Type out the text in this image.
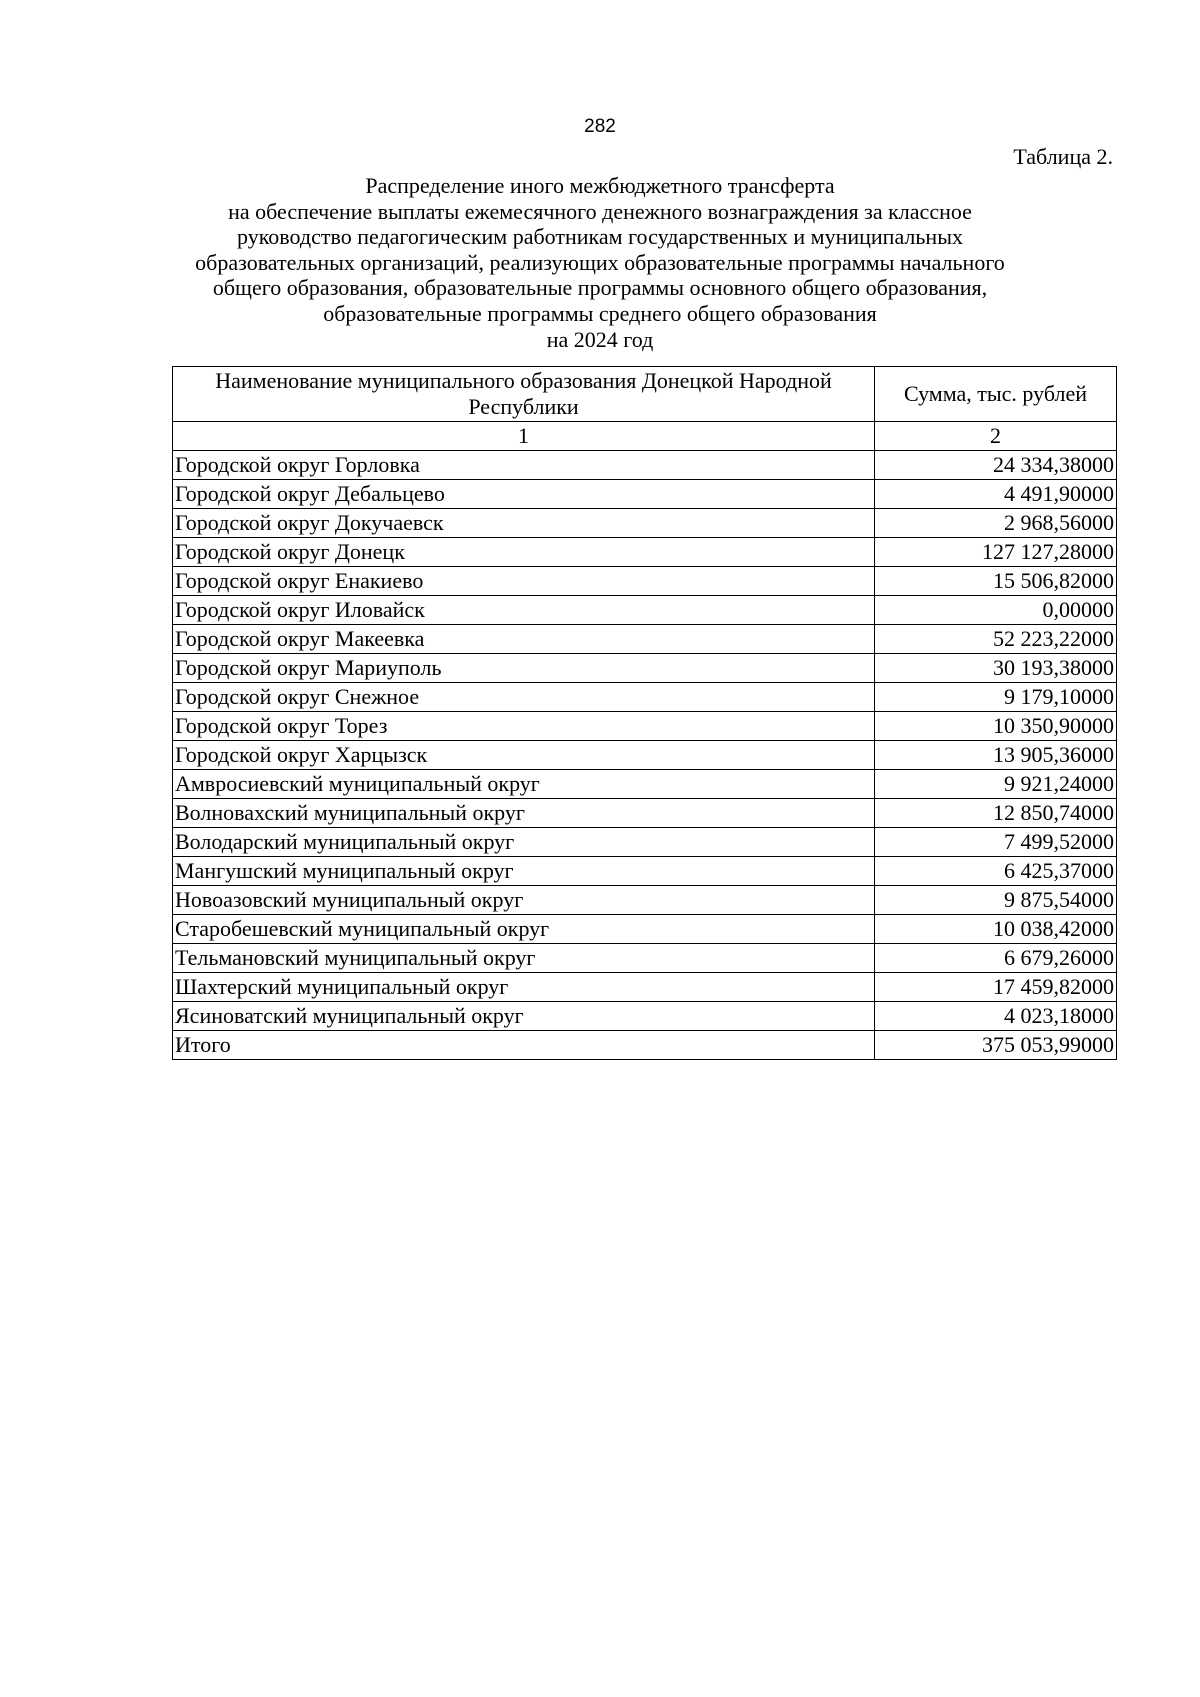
282
Таблица 2.
Распределение иного межбюджетного трансферта
на обеспечение выплаты ежемесячного денежного вознаграждения за классное
руководство педагогическим работникам государственных и муниципальных
образовательных организаций, реализующих образовательные программы начального
общего образования, образовательные программы основного общего образования,
образовательные программы среднего общего образования
на 2024 год
Наименование муниципального образования Донецкой Народной Республики	Сумма, тыс. рублей
1	2
Городской округ Горловка	24 334,38000
Городской округ Дебальцево	4 491,90000
Городской округ Докучаевск	2 968,56000
Городской округ Донецк	127 127,28000
Городской округ Енакиево	15 506,82000
Городской округ Иловайск	0,00000
Городской округ Макеевка	52 223,22000
Городской округ Мариуполь	30 193,38000
Городской округ Снежное	9 179,10000
Городской округ Торез	10 350,90000
Городской округ Харцызск	13 905,36000
Амвросиевский муниципальный округ	9 921,24000
Волновахский муниципальный округ	12 850,74000
Володарский муниципальный округ	7 499,52000
Мангушский муниципальный округ	6 425,37000
Новоазовский муниципальный округ	9 875,54000
Старобешевский муниципальный округ	10 038,42000
Тельмановский муниципальный округ	6 679,26000
Шахтерский муниципальный округ	17 459,82000
Ясиноватский муниципальный округ	4 023,18000
Итого	375 053,99000
